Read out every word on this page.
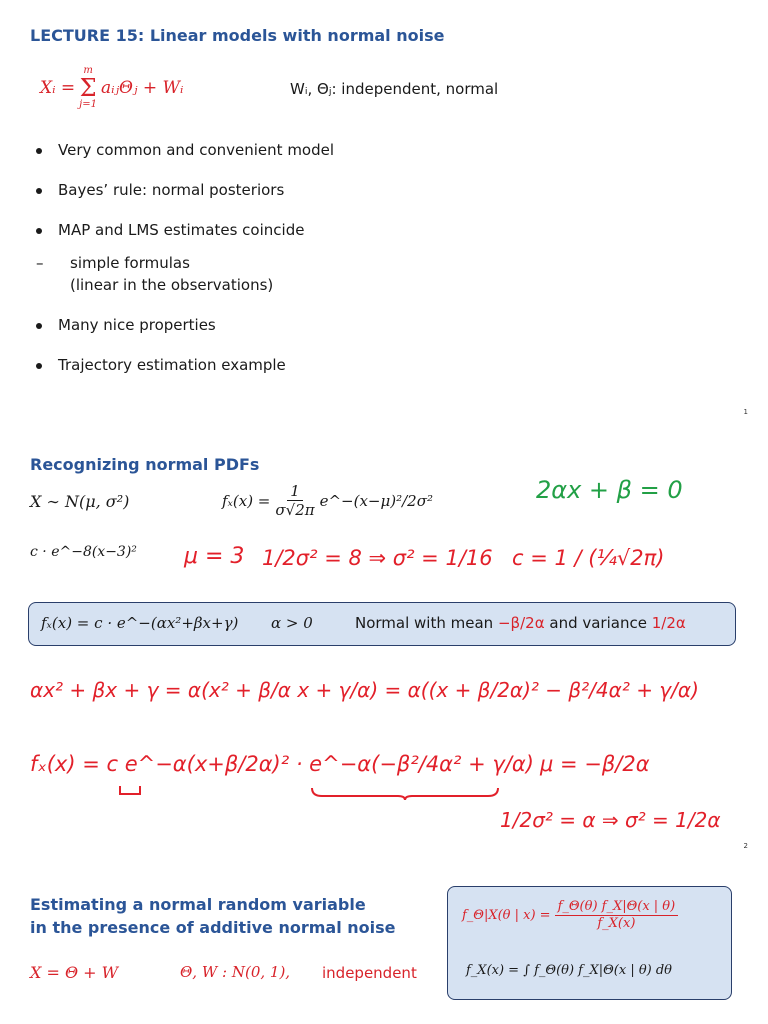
LECTURE 15: Linear models with normal noise
Xᵢ =
m
Σ
j=1
aᵢⱼΘⱼ + Wᵢ	Wᵢ, Θⱼ: independent, normal
Very common and convenient model
Bayes’ rule: normal posteriors
MAP and LMS estimates coincide
– simple formulas
(linear in the observations)
Many nice properties
Trajectory estimation example
1
Recognizing normal PDFs
X ∼ N(μ, σ²)	$f_x(x) = \frac{1}{\sigma√2\pi}$ e^−(x−μ)²/2σ²	2αx + β = 0
c · e^−8(x−3)² μ = 3 1/2σ² = 8 ⇒ σ² = 1/16 c = 1 / (¼√2π)
fₓ(x) = c · e^−(αx²+βx+γ) α > 0	Normal with mean −β/2α and variance 1/2α
αx² + βx + γ = α(x² + β/α x + γ/α) = α((x + β/2α)² − β²/4α² + γ/α)
fₓ(x) = c e^−α(x+β/2α)² · e^−α(−β²/4α² + γ/α) μ = −β/2α
1/2σ² = α ⇒ σ² = 1/2α
2
Estimating a normal random variable
in the presence of additive normal noise
X = Θ + W	Θ, W : N(0, 1), independent
f_Θ|X(θ | $x) = \frac{f\_\Theta(\theta) f\_X|\Theta(x | \theta)}{f\_X(x)}$
f_X(x) = ∫ f_Θ(θ) f_X|Θ(x | θ) dθ
